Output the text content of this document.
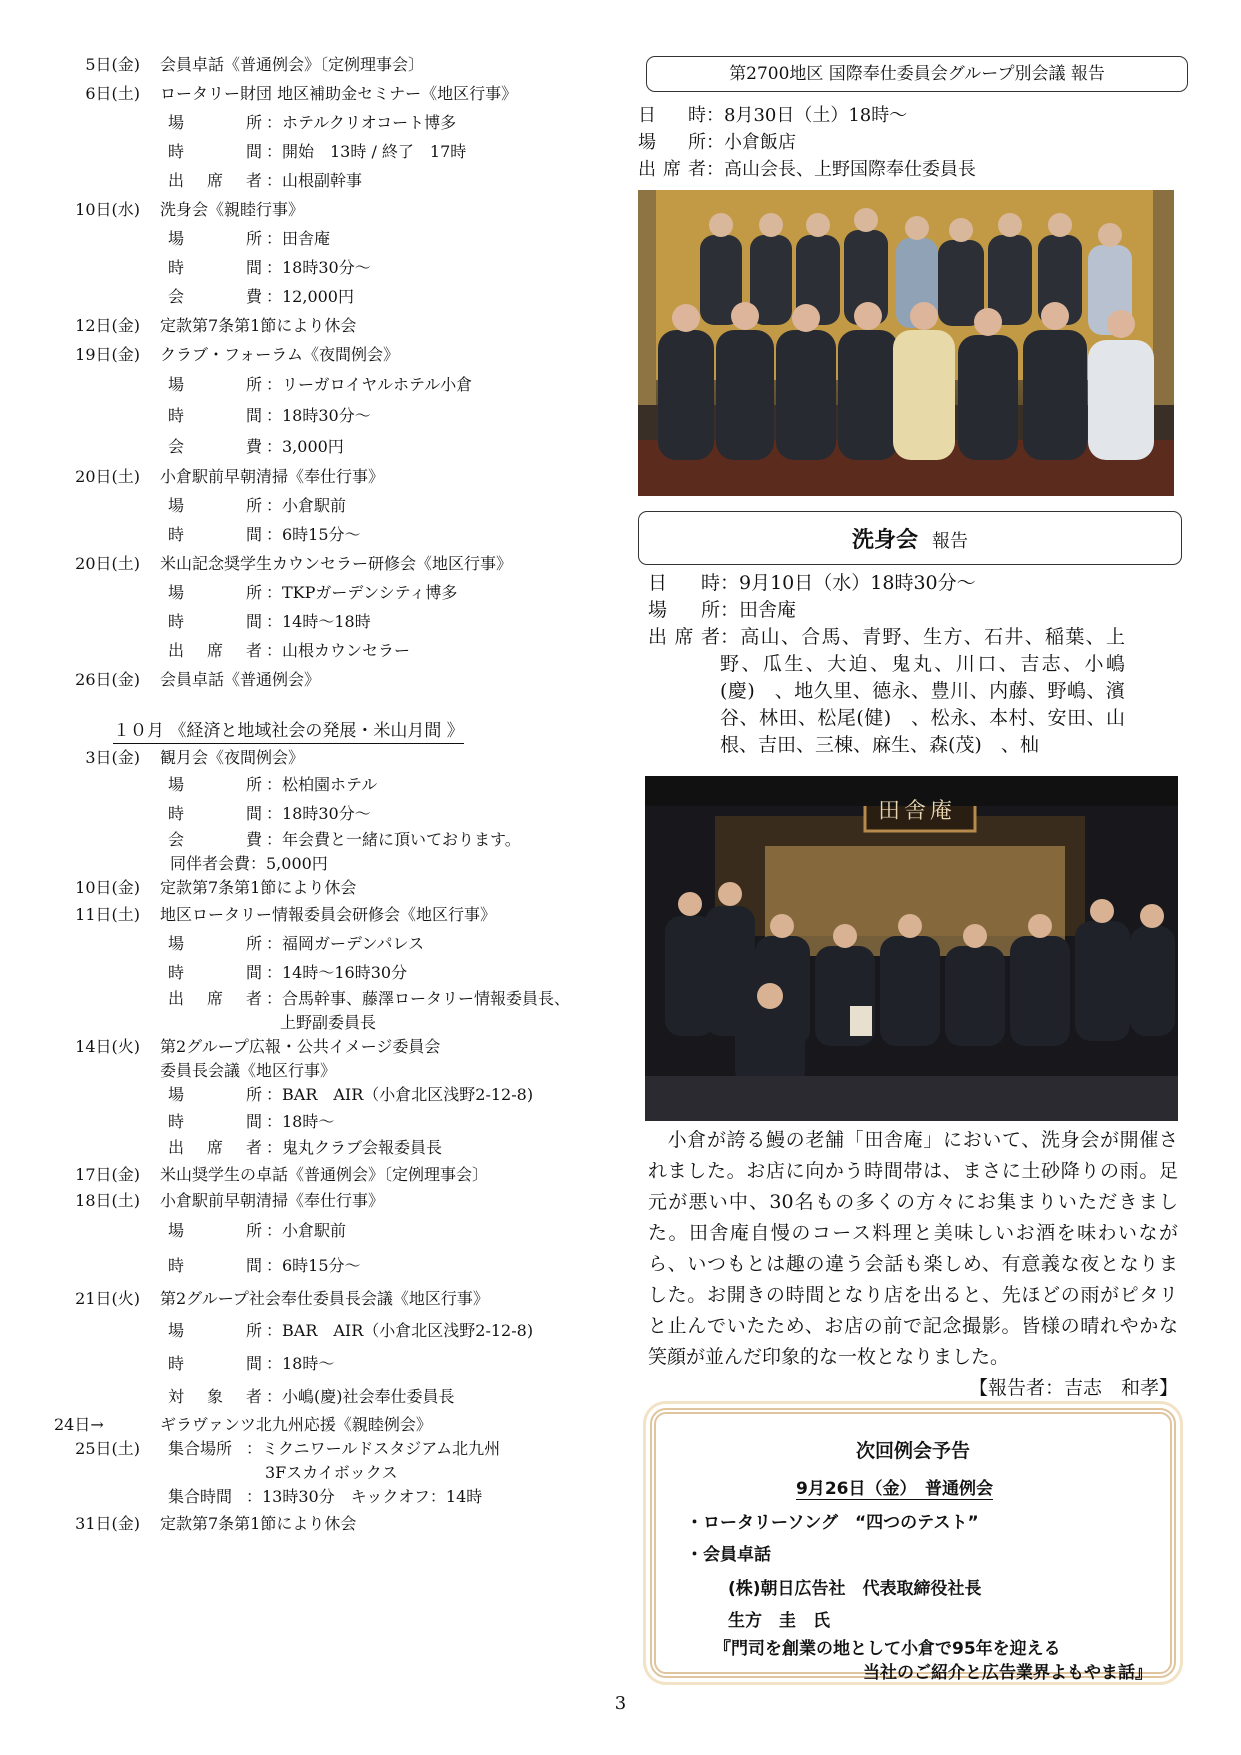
5日(金) 会員卓話《普通例会》〔定例理事会〕
6日(土) ロータリー財団 地区補助金セミナー《地区行事》
場　所 ：ホテルクリオコート博多
時　間 ：開始　13時 / 終了　17時
出席者 ：山根副幹事
10日(水) 洗身会《親睦行事》
場　所 ：田舎庵
時　間 ：18時30分～
会　費 ：12,000円
12日(金) 定款第7条第1節により休会
19日(金) クラブ・フォーラム《夜間例会》
場　所 ：リーガロイヤルホテル小倉
時　間 ：18時30分～
会　費 ：3,000円
20日(土) 小倉駅前早朝清掃《奉仕行事》
場　所 ：小倉駅前
時　間 ：6時15分～
20日(土) 米山記念奨学生カウンセラー研修会《地区行事》
場　所 ：TKPガーデンシティ博多
時　間 ：14時～18時
出席者 ：山根カウンセラー
26日(金) 会員卓話《普通例会》
１０月 《経済と地域社会の発展・米山月間 》
3日(金) 観月会《夜間例会》
場　所 ：松柏園ホテル
時　間 ：18時30分～
会　費 ：年会費と一緒に頂いております。
同伴者会費：5,000円
10日(金) 定款第7条第1節により休会
11日(土) 地区ロータリー情報委員会研修会《地区行事》
場　所 ：福岡ガーデンパレス
時　間 ：14時～16時30分
出席者 ：合馬幹事、藤澤ロータリー情報委員長、
上野副委員長
14日(火) 第2グループ広報・公共イメージ委員会
委員長会議《地区行事》
場　所 ：BAR　AIR（小倉北区浅野2-12-8)
時　間 ：18時～
出席者 ：鬼丸クラブ会報委員長
17日(金) 米山奨学生の卓話《普通例会》〔定例理事会〕
18日(土) 小倉駅前早朝清掃《奉仕行事》
場　所 ：小倉駅前
時　間 ：6時15分～
21日(火) 第2グループ社会奉仕委員長会議《地区行事》
場　所 ：BAR　AIR（小倉北区浅野2-12-8)
時　間 ：18時～
対象者 ：小嶋(慶)社会奉仕委員長
24日→	ギラヴァンツ北九州応援《親睦例会》
25日(土) 集合場所 ：ミクニワールドスタジアム北九州
3Fスカイボックス
集合時間 ：13時30分　キックオフ：14時
31日(金) 定款第7条第1節により休会
第2700地区 国際奉仕委員会グループ別会議 報告
日　時：8月30日（土）18時～
場　所：小倉飯店
出席者：高山会長、上野国際奉仕委員長
洗身会 報告
日　時：9月10日（水）18時30分～
場　所：田舎庵
出席者 ：高山、合馬、青野、生方、石井、稲葉、上野、瓜生、大迫、鬼丸、川口、吉志、小嶋(慶)　、地久里、德永、豊川、内藤、野嶋、濱谷、林田、松尾(健)　、松永、本村、安田、山根、吉田、三棟、麻生、森(茂)　、杣
田舎庵
小倉が誇る鰻の老舗「田舎庵」において、洗身会が開催されました。お店に向かう時間帯は、まさに土砂降りの雨。足元が悪い中、30名もの多くの方々にお集まりいただきました。田舎庵自慢のコース料理と美味しいお酒を味わいながら、いつもとは趣の違う会話も楽しめ、有意義な夜となりました。お開きの時間となり店を出ると、先ほどの雨がピタリと止んでいたため、お店の前で記念撮影。皆様の晴れやかな笑顔が並んだ印象的な一枚となりました。
【報告者：吉志　和孝】
次回例会予告
9月26日（金）　普通例会
・ロータリーソング　“四つのテスト”
・会員卓話
(株)朝日広告社　代表取締役社長
生方　圭　氏
『門司を創業の地として小倉で95年を迎える
当社のご紹介と広告業界よもやま話』
3
